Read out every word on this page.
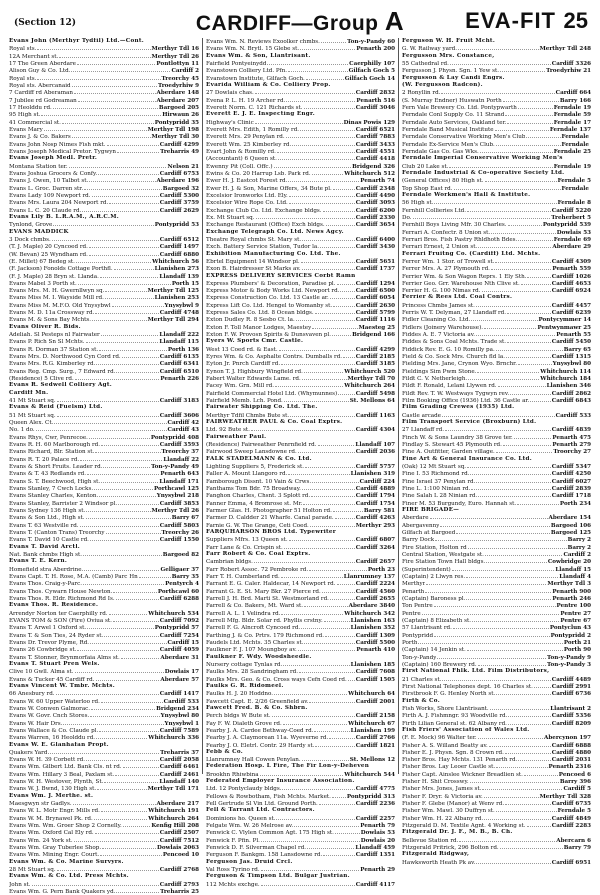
(Section 12)	CARDIFF—Group A	EVA-FIT 25
Evans John (Merthyr Tydfil) Ltd.—Cont.
Royal sts.	Merthyr Tdl 16
12A Merchant st.	Merthyr Tdl 26
17 The Green Aberdare	Pontlottyn 11
Alison Guy & Co. Ltd.	Cardiff 2
Royal sts.	Treorchy 45
Royal sts. Abercanaid	Troedyrhiw 9
7 Cardiff rd Aberaman	Aberdare 148
7 Jubilee rd Godreaman	Aberdare 207
17 Heolddu rd.	Bargoed 205
95 High st.	Hirwaun 26
41 Commercial st.	Pontypridd 35
Evans Mary	Merthyr Tdl 198
Evans J. & Co. Bakers	Merthyr Tdl 30
Evans John Nosp Nimes Fish mkt.	Cardiff 4299
Evans Joseph Medical Pretor. Tygwyn	Treharris 49
Evans Joseph Medl. Pretr.
Montana Station ter.	Nelson 21
Evans Joshua Grocers & Confy.	Cardiff 6753
Evans J. Owen, 10 Talbot st.	Aberdare 196
Evans L. Groc. Darren str.	Bargoed 32
Evans Lady 109 Newport rd.	Cardiff 5300
Evans Mrs. Laura 204 Newport rd.	Cardiff 3759
Evans L. C. 20 Claude rd.	Cardiff 2629
Evans Lily B. L.R.A.M., A.R.C.M.
Tynlond, Grove	Pontypridd 53
EVANS MADDICK
3 Dock chmbs.	Cardiff 6512
(T. J. Maple) 20 Cyncoed rd.	Cardiff 1497
(W. Bevan) 25 Wyndham rd.	Cardiff 6880
(E. Millet) 67 Bedeg st.	Whitchurch 56
(F. Jackson) Fonolds Cottage Porthfl.	Llanishen 273
(F. J. Maple) 28 Bryn st. Llanda.	Llandaff 139
Evans Mabel 3 Porth st.	Porth 15
Evans Mrs. M. H. Gwernllwyn sq.	Merthyr Tdl 125
Evans Miss M. I. Wayside Mill rd.	Llanishen 253
Evans Miss M. M.F.O. Old Ynysybwl	Ynysybwl 9
Evans M. D. 11a Crossway rd.	Cardiff 4748
Evans M. & Sons Bay Mchts.	Merthyr Tdl 294
Evans Oliver R. Bids.
Adeliah. Sl Pesteps nl Fairwater	Llandaff 222
Evans P. Rich Sn Sl Mchts.	Llandaff 115
Evans R. Dorman 37 Station st.	Porth 136
Evans Mrs. D. Northwood Cyn Cord rd.	Cardiff 6135
Evans Mrs. R.G. Kimberley rd.	Cardiff 6341
Evans Reg. Cmp. Surg., 7 Edward rd.	Cardiff 6510
(Residence) 5 Clive rd.	Penarth 226
Evans R. Sedwell Colliery Agt.
Cardiff Mn.
41 Mt Stuart sq.	Cardiff 3183
Evans & Reid (Fuelsm) Ltd.
51 Mt Stuart sq.	Cardiff 3606
Queen Alex. Ct.	Cardiff 42
No. 1 do.	Cardiff 43
Evans Rhys, Cwr, Penrecoe.	Pontypridd 408
Evans R. H. 60 Marlborough rd.	Cardiff 3593
Evans Richard, Blr. Station st.	Treorchy 37
Evans R. T. 20 Palace rd.	Llandaff 22
Evans & Short Fruits. Leader rd.	Ton-y-Pandy 49
Evans & T. 43 Redlands rd.	Penarth 643
Evans S. T. Beechwood, High st.	Llandaff 171
Evans Stanley, 7 Cwch Locks.	Porthcawl 125
Evans Stanley Charles, Kenton.	Ynysybwl 218
Evans Stanley, Barrister 2 Windsor pl.	Cardiff 3853
Evans Sydney 136 High st.	Merthyr Tdl 26
Evans & Son Ltd., High st.	Barry 67
Evans T. 63 Westville rd.	Cardiff 5803
Evans T. (Canton Trans) Treorchy	Treorchy 26
Evans T. David 10 Castle rd.	Cardiff 1550
Evans T. David Arctl.
Nat. Bank chmbs High st.	Bargoed 82
Evans T. E. Kern.
Homefield stra Aberdrine.	Gelligaer 37
Evans Capt. T. H. Rose, M.A. (Camb) Parc Hn	Barry 35
Evans Thos. Craig-y-Parc.	Pentyrch 4
Evans Thos. Cywarn House Newton.	Porthcawl 60
Evans Thos. R. Eldr. Richmond Rd Is.	Cardiff 6288
Evans Thos. R. Residence.
Arrendyr Norton ter Caerphilly rd.	Whitchurch 534
EVANS TOM & SON (Fire) Oviua st.	Cardiff 7092
Evans T. Arwel 1 Oxford st.	Pontypridd 57
Evans T. & Son Ties, 24 Ryder st.	Cardiff 7254
Evans Dr. Trevor Plyme, Rd.	Cardiff 15
Evans 26 Cowbridge st.	Cardiff 4059
Evans T. Stonner, Brynmorfaia Alms st.	Aberdare 31
Evans T. Stuart Pren Wels.
Clive 10 Gwll. Alma st.	Dowlais 17
Evans & Tucker 45 Cardiff rd.	Aberdare 57
Evans Vincent W. Tmbr. Mchts.
66 Anesbury rd.	Cardiff 1417
Evans W. 60 Upper Waterloo rd.	Cardiff 533
Evans W. Conwen Galmorac.	Bridgend 234
Evans W. Govr. Cnch Stores.	Ynysybwl 80
Evans W. Hair Drs.	Ynysybwl 1
Evans Wallace & Co. Claude pl.	Cardiff 7589
Evans Warren, 16 Heolddu rd.	Whitchurch 336
Evans W. E. Glanhafan Propt.
Quakers Yard	Treharris 37
Evans W. H. 39 Corbett rd.	Cardiff 2058
Evans Wm. Gilbert Ltd. Bank Cls. nt rd.	Cardiff 6461
Evans Wm. Hillary 3 Beal, Paxlam st.	Cardiff 2461
Evans W. H. Westover, Plynth, St.	Llandaff 140
Evans W. J. Bwnd, 130 High st.	Merthyr Tdl 171
Evans Wm. J. Merthe. st.
Maesgwyn str Gadlys.	Aberdare 217
Evans W. L. Motr Engr. Mills rd.	Whitchurch 191
Evans W. M. Brynawel Pk. rd.	Whitchurch 264
Evans Wm. Wm. Groer Shop 2 Cornelly.	Kenfig Hill 208
Evans Wm. Oxford Cal Ely rd.	Cardiff 2507
Evans Wm. 24 York st.	Cardiff 7512
Evans Wm. Gray Tuberlee Shop.	Dowlais 2063
Evans Wm. Mining Engr. Court.	Pencoed 10
Evans Wm. & Co. Marine Survyrs.
28 Mt Stuart sq.	Cardiff 2768
Evans Wm. & Co. Ltd. Press Mchts.
John st.	Cardiff 2793
Evans Wm. G. Pern Bank Quakers yd.	Treharris 25
Evans Wm. N. Reviews Exoolker chmbs.	Ton-y-Pandy 60
Evans Wm. N. Brytl. 15 Glebe st.	Penarth 200
Evans Wm. & Son, Llantrisant.
Fairfield Pontyeinydd	Caerphilly 107
Evanstown Colliery Ltd. Pfn.	Gilfach Goch 5
Evanstown Institute, Gilfach Goch.	Gilfach Goch 14
Evarida William & Co. Colliery Prop.
27 Dowlais chas.	Cardiff 2832
Evena P. L. H. 19 Archer rd.	Penarth 516
Everett Norm. C. 121 Richards st.	Cardiff 3046
Everett E. J. E. Inspecting Engr.
Highway's Clinic	Dinas Powis 129
Everett Mrs. Edith, 1 Romilly rd.	Cardiff 6521
Everett Mrs. 29 Penylan rd.	Cardiff 7883
Everett Wm. 25 Kimberley rd.	Cardiff 3433
Evart John & Romilly rd.	Cardiff 4551
(Accountant) 6 Queen st.	Cardiff 4418
Ewenny Pit (Coll. Offc.)	Bridgend 326
Ewins & Co. 20 Harrup Lsb. Park rd.	Whitchurch 512
Ewer H. J. Eastcot Forest rd.	Penarth 74
Ewer H. J. & Son, Marine Offers, 34 Bute pl.	Cardiff 2348
Excelsior Ironworks Ltd. Ely.	Cardiff 4490
Excelsior Wire Rope Co. Ltd.	Cardiff 3093
Exchange Club Co. Ltd. Exchange bldgs.	Cardiff 6200
Ex. Mt Stuart sq.	Cardiff 2330
Exchange Restaurant (Office) Exch bldgs.	Cardiff 3654
Exchange Telegraph Co. Ltd. News Agcy.
Theatre Royal chmbs St. Mary st.	Cardiff 6400
Exch. Battery Service Station, Tudor la.	Cardiff 3430
Exhibition Manufacturing Co. Ltd. The.
Ebrtel Equipment 14 Windsor pl.	Cardiff 5651
Exon B. Hairdresser St Marks av.	Cardiff 1737
EXPRESS DELIVERY SERVICES Corbt Ramn
Express Plumbers' & Decoration, Paradise pl.	Cardiff 1294
Express Motor & Body Works Ltd. Newport rd.	Cardiff 6500
Express Construction Co. Ltd. 13 Castle ar.	Cardiff 6054
Express Lift Co. Ltd. Hengel to Womanby st.	Cardiff 2630
Express Sales Co. Ltd. 8 Ocean bldgs.	Cardiff 5799
Exton Dudley R. 8 Sesbo Ct. la.	Cardiff 1116
Exton F. Toll Manor Lodges, Maestey	Maesteg 25
Exton F. W. Provosn Spirits & Dunsvaven pl.	Bridgend 166
Eyers W. Sports Cmr. Castle.
West 13 Coed rd. & East.	Cardiff 4299
Eyres Wm. & Co. Asphalte Contrs. Dumballs rd. Cardiff 2185
Eyton Jr. Pnrch Cardiff rd.	Cardiff 3185
Eynon T. J. Highbury Wingfield rd.	Whitchurch 520
Fabert Walter Edwards Lame. rd.	Merthyr Tdl 70
Facey Wm. Grn. Mill rd.	Whitchurch 264
Fairfield Commercial Hotel Ltd. (Whymunnes)	Cardiff 5498
Fairfield Memb. Lch. Pond.	St. Mellons 64
Fairwater Shipping Co. Ltd. The.
Merthyr Tdfil Chmbs Bute st.	Cardiff 1163
FAIRWEATHER PAUL & Co. Coal Exptrs.
Ltd. 92 Bute st.	Cardiff 4304
Fairweather Paul.
(Residence) Fairweather Penrnfield rd.	Llandaff 107
Fairwood Sweep Lansdowne rd.	Cardiff 2036
FALK STADELMANN & Co. Ltd.
Lighting Suppliers 5, Frederick st.	Cardiff 5757
Faller A. Mount Llangoro rd.	Llanishen 319
Famborough Dissnt. 10 Vain & Crws.	Cardiff 224
Fanthams Tom Bdr. 75 Broadway.	Cardiff 4889
Fanghon Charles, Chsnt. 3 Splott rd.	Cardiff 1794
Fanner Emma, 4 Bromrose st. Mr.	Cardiff 1754
Farmer Glas. H. Photographer 51 Holton rd.	Barry 581
Farmer D. Caldder 21 Wharfe. Canal parade.	Cardiff 4263
Farnie G. W. The Grange, Ceti Coed.	Merthyr 293
FARQUHARSON BROS Ltd. Typewriter
Suppliers Mfrs. 13 Queen st.	Cardiff 6807
Farr Lane & Co. Crispin st.	Cardiff 3264
Farr Robert & Co. Coal Exptrs.
Cambrian bldgs.	Cardiff 2657
Farr Robert Assoc. 72 Pembroke rd.	Porth 23
Farr T. H. Cumberland rd.	Llanrumney 137
Farrant E. G. Caler. Haldecar, 14 Newport rd.	Cardiff 2224
Farrant G. E. St. Mary Bkr. 27 Pierce rd.	Cardiff 4560
Farrell J. H. Brd. Marti St. Westmorland rd.	Cardiff 2655
Farrell & Co. Bakers, Mt. Ward st.	Aberdare 3840
Farrell A. L. 1 Velindra rd.	Whitchurch 342
Farrell Mfg. Bldr. Solar rd. Phyllis crstny.	Llanishen 163
Farrell F. G. Alncroft Cyncoed rd.	Llanishen 352
Farthing J. & Co. Prtrs. 179 Richmond rd.	Cardiff 1309
Faudels Ltd. Mchts. 35 Charles st.	Cardiff 5500
Faulkner F. J. 107 Moungboy av.	Penarth 410
Faulkner F. Wdy. Woodsheedle.
Nursery cottage Tynlas rd.	Llanishen 185
Faulks Mrs. 28 Sandringham rd.	Cardiff 7608
Faulks Mrs. Geo. & Co. Cross ways Cefn Coed rd. Cardiff 1505
Faulks G. R. Ridomeel.
Faulks H. J. 20 Hoddno.	Whitchurch 64
Fawcett Capt. E. 2/26 Greenfield av.	Cardiff 2001
Fawcett Fred. B. & Co. Shbrn.
Perch bldgs W Bute st.	Cardiff 2158
Fay F. W. Dialeth Grove rd.	Whitchurch 67
Fearby J. A. Cardee Bethway-Coed rd.	Llanishen 199
Fearby J. A. Claymorean 11a. Wyeverne rd.	Cardiff 2766
Fearby J. O. Eletrl. Contr. 29 Hardy st.	Cardiff 1821
Febb & Co.
Llanrumney Hall Cowen Penylan.	St. Mellons 12
Federation Hosp. L Fire, The Fir Lon-y-Deheven
Brookhn Rhiwbina	Whitchurch 544
Federated Employer Insurance Association.
Ltd. 12 Pontyclaudy bldgs.	Cardiff 4775
Fellows & Rowbotham, Fish Mchts. Market.	Pontypridd 313
Fell Gertrude Sl Vin Ltd. Ground Porth.	Cardiff 2236
Fell & Tarrant Ltd. Contractors.
Dominions ho. Queen st.	Cardiff 2257
Felgate Wm. W. 26 Melrose av.	Penarth 79
Fenwick C. Vlylen Common Agt. 175 High st.	Dowlais 53
Fenwick F. Pfin. Pl.	Dowlais 20
Fenwick D. F. Silverman Chapel rd.	Llandaff 459
Ferguson F. Bankgm. 158 Lansdowne rd.	Cardiff 1351
Ferguson Jas. Druid Crcl.
Val Ross Tyrino rd.	Penarth 29
Ferguson & Timpson Ltd. Bulgar Justrian.
112 Mchts exchge.	Cardiff 4117
Ferguson W. H. Fruit Mcht.
G. W. Railway yard.	Merthyr Tdl 248
Fergusson Mrs. Constance,
55 Cathedral rd.	Cardiff 3326
Fergusson J. Physn. Sgn. 1 Yew st.	Troedyrhiw 21
Fergusson & Lay Candi Engrs.
(W. Fergusson Radcon).
2 Ronyllin rd.	Cardiff 664
(S. Murray Endner) Huswatn Porth	Barry 166
Fern Vale Brewery Co. Ltd. Pontypwarth	Ferndale 19
Ferndale Conl Supply Co. 11 Strand	Ferndale 59
Ferndale Auto Services, Oakland ter.	Ferndale 17
Ferndale Band Musical Institute	Ferndale 137
Ferndale Conservative Working Men's Club	Ferndale
Ferndale Ex-Service Men's Club.	Ferndale
Ferndale Gas Co. Gas Wks.	Ferndale 25
Ferndale Imperial Conservative Working Men's
Club 20 Lake st.	Ferndale 19
Ferndale Industrial & Co-operative Society Ltd.
(General Offices) 80 High st.	Ferndale 5
Top Shop East rd.	Ferndale
Ferndale Workmen's Hall & Institute.
56 High st.	Ferndale 8
Fernhill Collieries Ltd.	Cardiff 5220
Do.	Treherbert 5
Fernhill Boys Living Mfr. 30 Charles.	Pontypridd 539
Ferrari A. Confectr. 8 Union st.	Dowlais 53
Ferrari Bros. Fish Pastry Rhldhoth Bdes.	Ferndale 69
Ferrari Ernest, 2 Union st.	Aberdare 29
Ferrari Fruitng Co. (Cardiff) Ltd. Mchts.
Ferrer Wm. 1 Stor. of Trowell st.	Cardiff 4309
Ferrer Mrs. A. 27 Plymouth rd.	Penarth 559
Ferrier Wm. & Son Wagon Reprs. 1 Ely Sth.	Cardiff 1026
Ferrier Geo. Grr. Warehouse Nth Clive st.	Cardiff 4653
Ferrier H. G. 100 Nimas rd.	Cardiff 6924
Ferrier & Rees Ltd. Coal Contrs.
Princess Chmbs James st.	Cardiff 4457
Ferris W. T. Delyman, 27 Llandaff rd.	Cardiff 6239
Fidler Cleaning Co. Ltd.	Pontycymmer 14
Fidlers (Joinery Warehouse).	Pentwynmawr 25
Fiddes A. E. 7 Victoria av.	Penarth 55
Fiddes & Sons Coal Mchts. Trade st.	Cardiff 5450
Fiddick Rev. E. G. 10 Romilly pa.	Barry 65
Field & Co. Sock Mrs. Church fld la.	Cardiff 1315
Fielding Mrs. Jane, Crynon Wyo. Brnchr.	Ynysybwl 80
Fieldings Sim Pwm Stone.	Whitchurch 114
Fildt C. V. Netherleigh.	Whitchurch 184
Fildt F. Ronald, Lelani Llywen rd.	Llanishen 346
Fildt Rev. T. W. Westways Tygwyn rev.	Cardiff 2862
Film Booking Office (1936) Ltd. 36 Castle ar.	Cardiff 6843
Film Grading Crewes (1935) Ltd.
Castle arcade	Cardiff 533
Film Transport Service (Broxburn) Ltd.
27 Llandaff rd.	Cardiff 4839
Finch W. & Sons Laundry 38 Grove ter.	Penarth 475
Findlay S. Stewart 45 Plymouth rd.	Penarth 279
Fine A. Outfitter, Garden village.	Troorchy 27
Fine Art & General Insurance Co. Ltd.
(Oak) 12 Mt Stuart sq.	Cardiff 5347
Fine I. 53 Richmond rd.	Cardiff 4250
Fine Israel 37 Penylan rd.	Cardiff 6027
Fine L. 1:100 Ninian rd.	Cardiff 2839
Fine Salah L 28 Ninian rd.	Cardiff 1718
Finer M. 53 Burgundy, Euro. Hannah st.	Porth 234
FIRE BRIGADE—
Aberdare	Aberdare 154
Abergavenny	Bargoed 106
Gilfach at Bargoed	Bargoed 125
Barry Dock	Barry 2
Fire Station, Holton rd	Barry 2
Central Station, Westgate st.	Cardiff 2
Fire Station Town Hall bldgs.	Cowbridge 20
(Superintendent)	Llandaff 15
(Captain) 2 Llwyn res.	Llandaff 4
Merthyr	Merthyr Tdl 3
Penarth	Penarth 900
(Captain) Baroness pl.	Penarth 246
Ton Pentre	Pentre 100
Pentre	Pentre 27
(Captain) 8 Elizabeth st.	Pentre 67
57 Llantrisant rd.	Pontyclun 43
Pontypridd	Pontypridd 2
Porth	Porth 21
(Captain) 14 Jenkin st.	Porth 90
Ton-y-Pandy	Ton-y-Pandy 9
(Captain) 160 Brewery rd.	Ton-y-Pandy 3
First National Fhlk. Ltd. Film Distributors,
21 Charles st.	Cardiff 4489
First National Telephones dept. 16 Charles st.	Cardiff 2991
Firstbrook F. G. Henley North st.	Cardiff 6736
Firth & Co.
Fish Works, Shore Llantrisant.	Llantrisant 2
Firth A. J. Fishmngr. 93 Woodville rd.	Cardiff 5356
Firth Lilian General st. 62 Albany rd.	Cardiff 8209
Fish Friers' Association of Wales Ltd.
(F. E. Mock) 96 Walter ter.	Abercynon 197
Fisher A. S. Willand Beatty av.	Cardiff 6888
Fisher E. J. Physn. Sgn. 8 Crown rd.	Cardiff 4880
Fisher Bros. Hay Mchts. 131 Penarth rd.	Cardiff 2031
Fisher Bros. Lay Leoer Castle st.	Penarth 2316
Fisher Capt. Ainslee Wickner Breadlien st.	Pencoed 6
Fisher H. Shit Crosswy.	Barry 396
Fisher Mrs. Jones, James st.	Cardiff 5
Fisher F. Dryr. & Victoria av.	Merthyr Tdl 328
Fisher F. Glebe (Manor) at Wenv rd.	Cardiff 6735
Fisher Wm. Mawl. 30 Duffryn st.	Ferndale 5
Fisher Wm. H. 22 Albany rd.	Cardiff 4849
Fitzgerald D. M. Textile Agnt. 4 Working st.	Cardiff 2283
Fitzgerald Dr. J. F., M. B., B. Ch.
Bellevue Station rd.	Abercarn 6
Fitzgerald Pritrick, 296 Bolton rd.	Barry 79
Fitzgerald Ridgway,
Hawksworth Heath Pk av.	Cardiff 6951
